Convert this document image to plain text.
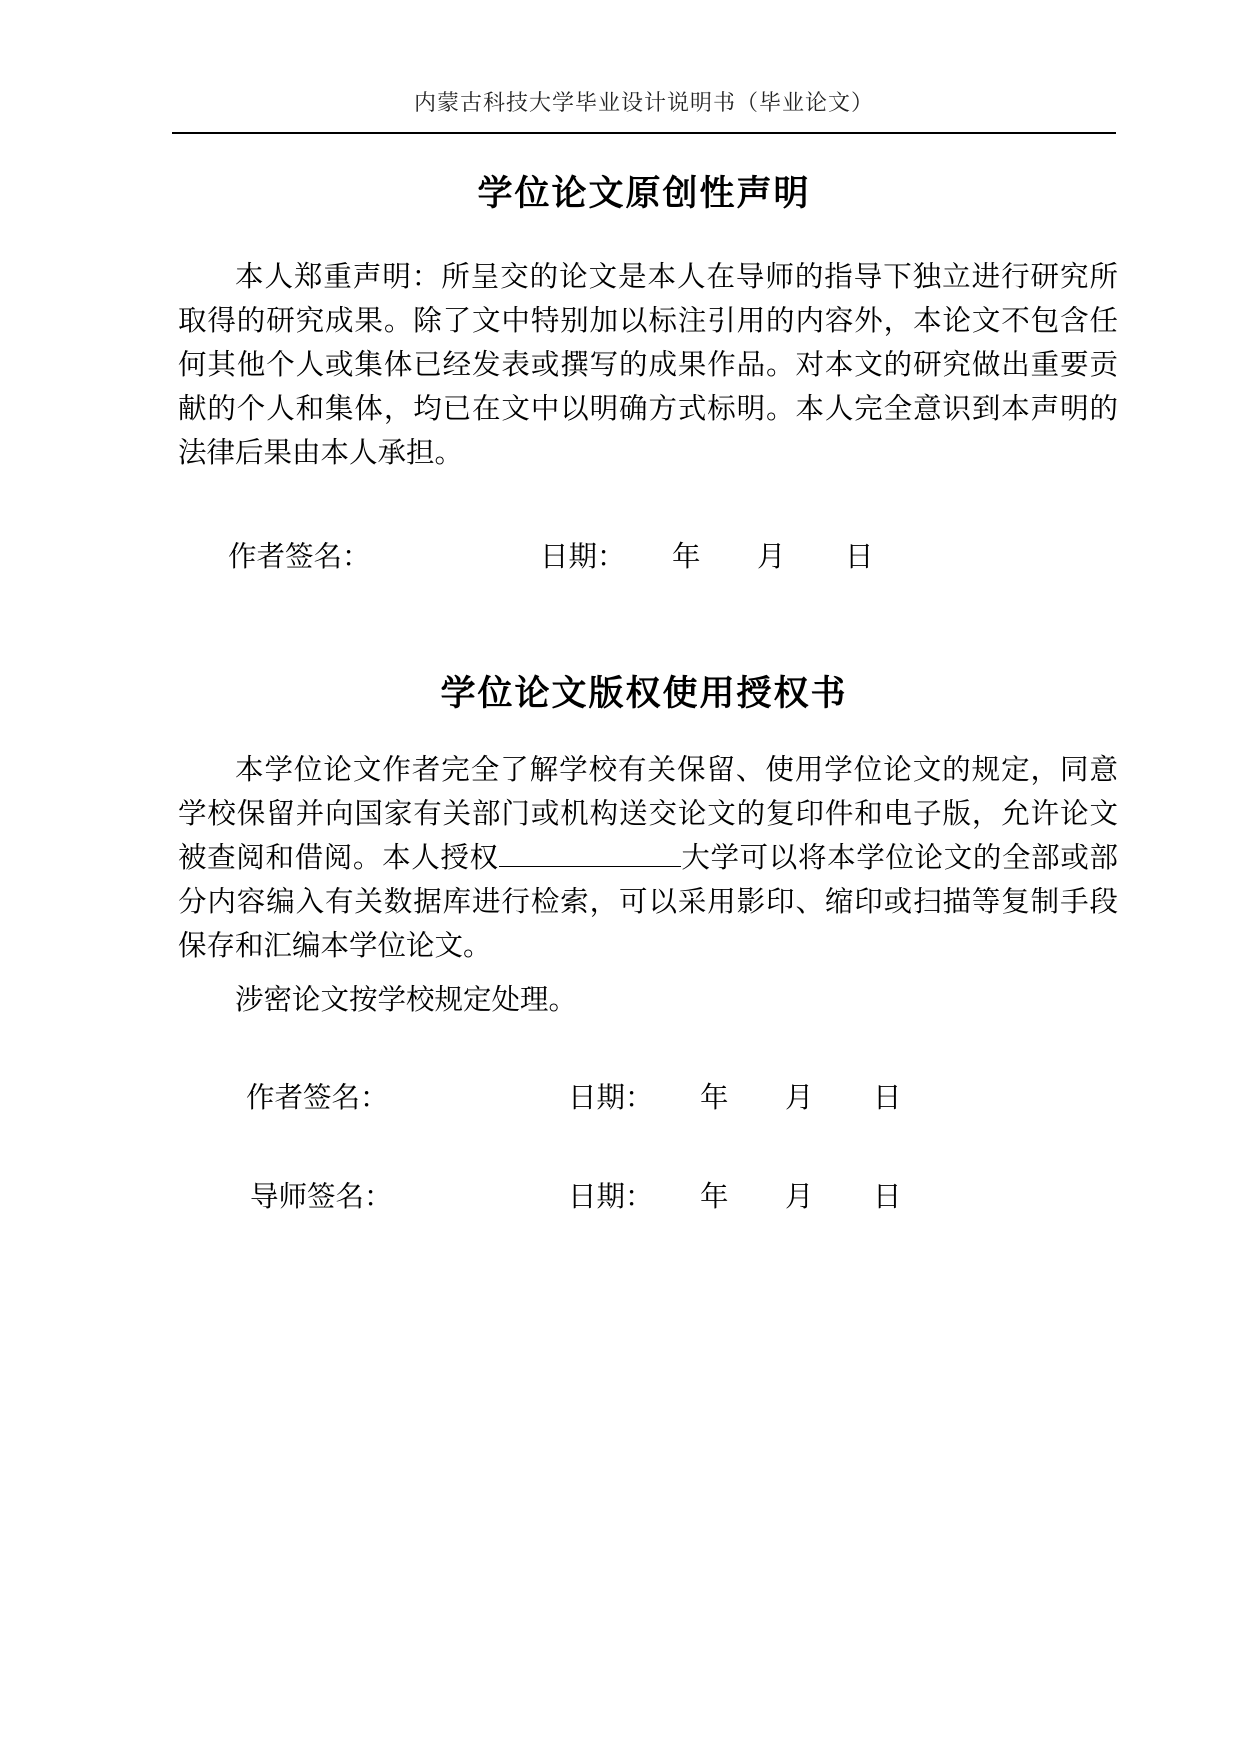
内蒙古科技大学毕业设计说明书（毕业论文）
学位论文原创性声明
本人郑重声明：所呈交的论文是本人在导师的指导下独立进行研究所取得的研究成果。除了文中特别加以标注引用的内容外，本论文不包含任何其他个人或集体已经发表或撰写的成果作品。对本文的研究做出重要贡献的个人和集体，均已在文中以明确方式标明。本人完全意识到本声明的法律后果由本人承担。
作者签名：	日期： 年 月 日
学位论文版权使用授权书
本学位论文作者完全了解学校有关保留、使用学位论文的规定，同意学校保留并向国家有关部门或机构送交论文的复印件和电子版，允许论文被查阅和借阅。本人授权	大学可以将本学位论文的全部或部分内容编入有关数据库进行检索，可以采用影印、缩印或扫描等复制手段保存和汇编本学位论文。
涉密论文按学校规定处理。
作者签名：	日期： 年 月 日
导师签名：	日期： 年 月 日
